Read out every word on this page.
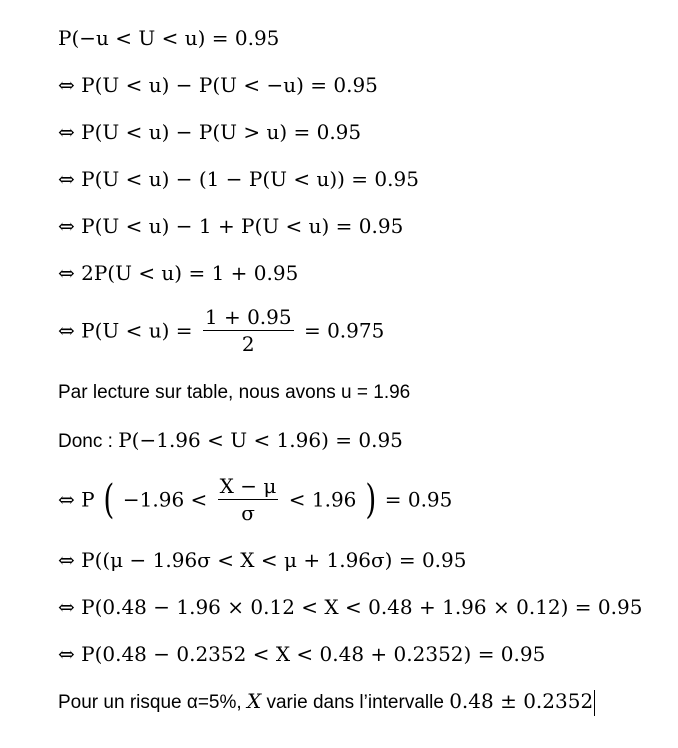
P(−u < U < u) = 0.95
⇔ P(U < u) − P(U < −u) = 0.95
⇔ P(U < u) − P(U > u) = 0.95
⇔ P(U < u) − (1 − P(U < u)) = 0.95
⇔ P(U < u) − 1 + P(U < u) = 0.95
⇔ 2P(U < u) = 1 + 0.95
⇔ $P(U < u) = \frac{1 + 0.95}{2} = 0.975$
Par lecture sur table, nous avons u = 1.96
Donc : P(−1.96 < U < 1.96) = 0.95
⇔ P ( $-1.96 < \frac{X - \mu}{\sigma} < 1.96$ ) = 0.95
⇔ P((μ − 1.96σ < X < μ + 1.96σ) = 0.95
⇔ P(0.48 − 1.96 × 0.12 < X < 0.48 + 1.96 × 0.12) = 0.95
⇔ P(0.48 − 0.2352 < X < 0.48 + 0.2352) = 0.95
Pour un risque α=5%, X varie dans l’intervalle 0.48 ± 0.2352
